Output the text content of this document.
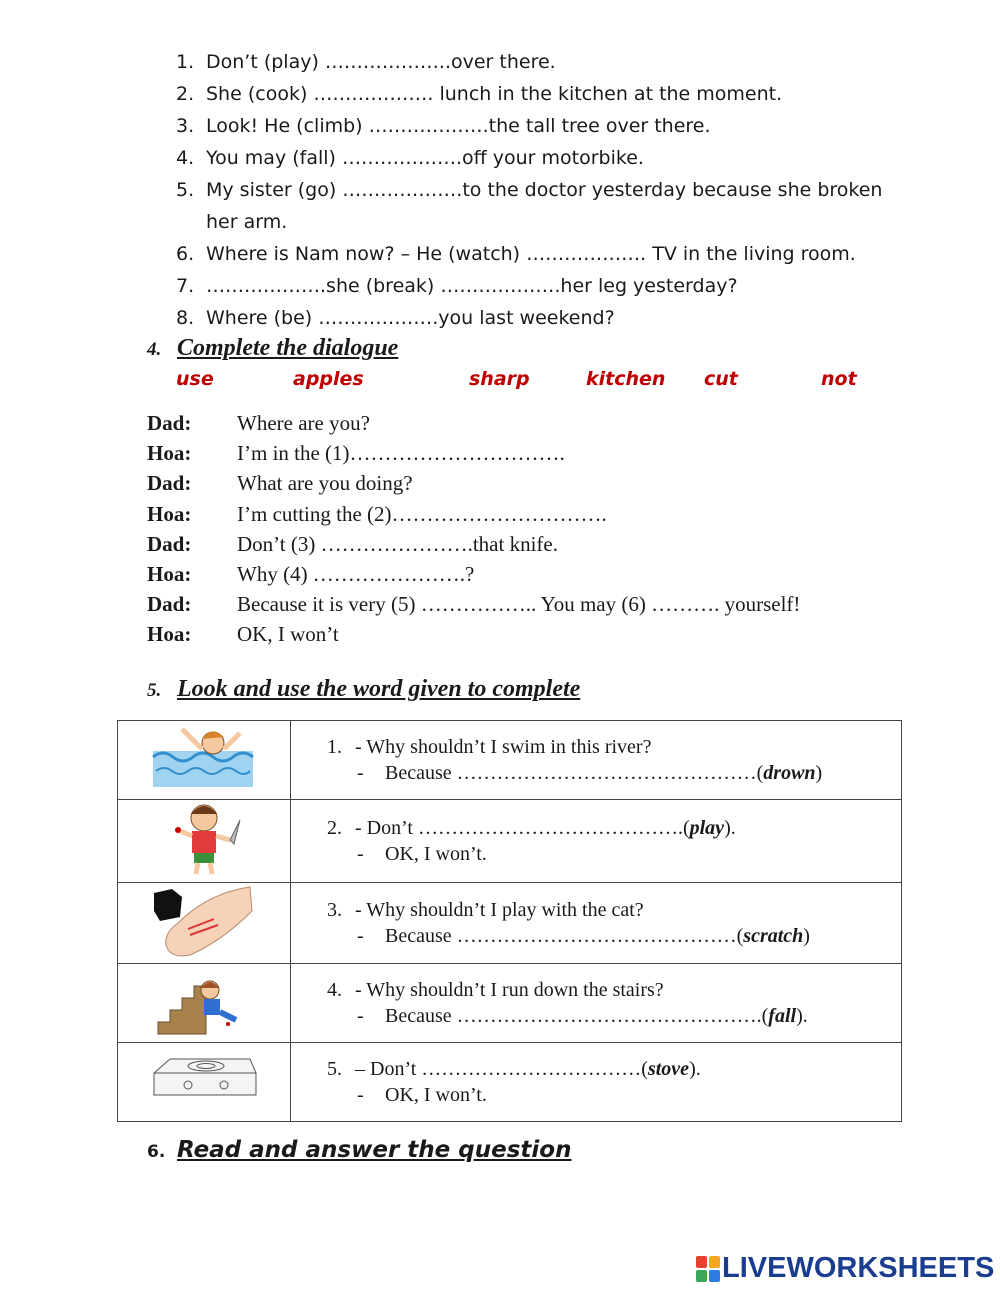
1. Don’t (play) ………………..over there.
2. She (cook) ………………. lunch in the kitchen at the moment.
3. Look! He (climb) ……………….the tall tree over there.
4. You may (fall) ……………….off your motorbike.
5. My sister (go) ……………….to the doctor yesterday because she broken her arm.
6. Where is Nam now? – He (watch) ………………. TV in the living room.
7. ……………….she (break) ……………….her leg yesterday?
8. Where (be) ……………….you last weekend?
4. Complete the dialogue
use	apples	sharp	kitchen cut	not
Dad:	Where are you?
Hoa:	I’m in the (1)………………………….
Dad:	What are you doing?
Hoa:	I’m cutting the (2)………………………….
Dad:	Don’t (3) ………………….that knife.
Hoa:	Why (4) ………………….?
Dad:	Because it is very (5) …………….. You may (6) ………. yourself!
Hoa:	OK, I won’t
5. Look and use the word given to complete

1. - Why shouldn’t I swim in this river?
- Because ………………………………………(drown)

2. - Don’t ………………………………….(play).
- OK, I won’t.

3. - Why shouldn’t I play with the cat?
- Because ……………………………………(scratch)

4. - Why shouldn’t I run down the stairs?
- Because ……………………………………….(fall).

5. – Don’t ……………………………(stove).
- OK, I won’t.
6. Read and answer the question
LIVEWORKSHEETS
